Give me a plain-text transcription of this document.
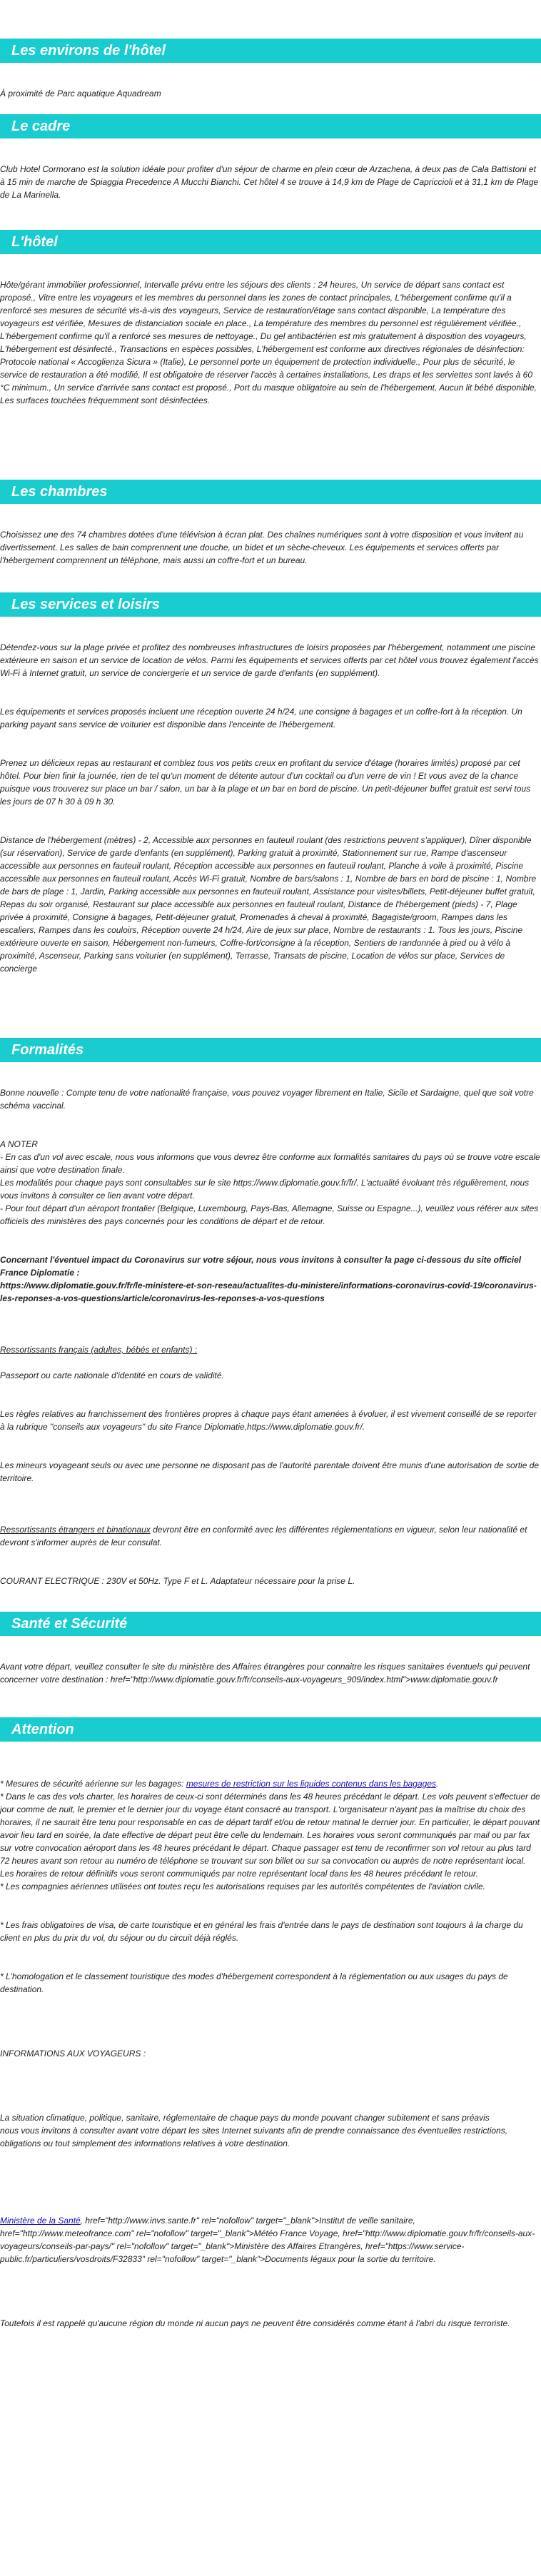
Les environs de l'hôtel

À proximité de Parc aquatique Aquadream

Le cadre

Club Hotel Cormorano est la solution idéale pour profiter d'un séjour de charme en plein cœur de Arzachena, à deux pas de Cala Battistoni et à 15 min de marche de Spiaggia Precedence A Mucchi Bianchi. Cet hôtel 4 se trouve à 14,9 km de Plage de Capriccioli et à 31,1 km de Plage de La Marinella.

L'hôtel

Hôte/gérant immobilier professionnel, Intervalle prévu entre les séjours des clients : 24 heures, Un service de départ sans contact est proposé., Vitre entre les voyageurs et les membres du personnel dans les zones de contact principales, L'hébergement confirme qu'il a renforcé ses mesures de sécurité vis-à-vis des voyageurs, Service de restauration/étage sans contact disponible, La température des voyageurs est vérifiée, Mesures de distanciation sociale en place., La température des membres du personnel est régulièrement vérifiée., L'hébergement confirme qu'il a renforcé ses mesures de nettoyage., Du gel antibactérien est mis gratuitement à disposition des voyageurs, L'hébergement est désinfecté., Transactions en espèces possibles, L'hébergement est conforme aux directives régionales de désinfection: Protocole national « Accoglienza Sicura » (Italie), Le personnel porte un équipement de protection individuelle., Pour plus de sécurité, le service de restauration a été modifié, Il est obligatoire de réserver l'accès à certaines installations, Les draps et les serviettes sont lavés à 60 °C minimum., Un service d'arrivée sans contact est proposé., Port du masque obligatoire au sein de l'hébergement, Aucun lit bébé disponible, Les surfaces touchées fréquemment sont désinfectées.

Les chambres

Choisissez une des 74 chambres dotées d'une télévision à écran plat. Des chaînes numériques sont à votre disposition et vous invitent au divertissement. Les salles de bain comprennent une douche, un bidet et un sèche-cheveux. Les équipements et services offerts par l'hébergement comprennent un téléphone, mais aussi un coffre-fort et un bureau.

Les services et loisirs

Détendez-vous sur la plage privée et profitez des nombreuses infrastructures de loisirs proposées par l'hébergement, notamment une piscine extérieure en saison et un service de location de vélos. Parmi les équipements et services offerts par cet hôtel vous trouvez également l'accès Wi-Fi à Internet gratuit, un service de conciergerie et un service de garde d'enfants (en supplément).

Les équipements et services proposés incluent une réception ouverte 24 h/24, une consigne à bagages et un coffre-fort à la réception. Un parking payant sans service de voiturier est disponible dans l'enceinte de l'hébergement.

Prenez un délicieux repas au restaurant et comblez tous vos petits creux en profitant du service d'étage (horaires limités) proposé par cet hôtel. Pour bien finir la journée, rien de tel qu'un moment de détente autour d'un cocktail ou d'un verre de vin ! Et vous avez de la chance puisque vous trouverez sur place un bar / salon, un bar à la plage et un bar en bord de piscine. Un petit-déjeuner buffet gratuit est servi tous les jours de 07 h 30 à 09 h 30.

Distance de l'hébergement (mètres) - 2, Accessible aux personnes en fauteuil roulant (des restrictions peuvent s'appliquer), Dîner disponible (sur réservation), Service de garde d'enfants (en supplément), Parking gratuit à proximité, Stationnement sur rue, Rampe d'ascenseur accessible aux personnes en fauteuil roulant, Réception accessible aux personnes en fauteuil roulant, Planche à voile à proximité, Piscine accessible aux personnes en fauteuil roulant, Accès Wi-Fi gratuit, Nombre de bars/salons : 1, Nombre de bars en bord de piscine : 1, Nombre de bars de plage : 1, Jardin, Parking accessible aux personnes en fauteuil roulant, Assistance pour visites/billets, Petit-déjeuner buffet gratuit, Repas du soir organisé, Restaurant sur place accessible aux personnes en fauteuil roulant, Distance de l'hébergement (pieds) - 7, Plage privée à proximité, Consigne à bagages, Petit-déjeuner gratuit, Promenades à cheval à proximité, Bagagiste/groom, Rampes dans les escaliers, Rampes dans les couloirs, Réception ouverte 24 h/24, Aire de jeux sur place, Nombre de restaurants : 1. Tous les jours, Piscine extérieure ouverte en saison, Hébergement non-fumeurs, Coffre-fort/consigne à la réception, Sentiers de randonnée à pied ou à vélo à proximité, Ascenseur, Parking sans voiturier (en supplément), Terrasse, Transats de piscine, Location de vélos sur place, Services de concierge

Formalités

Bonne nouvelle : Compte tenu de votre nationalité française, vous pouvez voyager librement en Italie, Sicile et Sardaigne, quel que soit votre schéma vaccinal.

A NOTER
- En cas d'un vol avec escale, nous vous informons que vous devrez être conforme aux formalités sanitaires du pays où se trouve votre escale ainsi que votre destination finale.
Les modalités pour chaque pays sont consultables sur le site https://www.diplomatie.gouv.fr/fr/. L'actualité évoluant très régulièrement, nous vous invitons à consulter ce lien avant votre départ.
- Pour tout départ d'un aéroport frontalier (Belgique, Luxembourg, Pays-Bas, Allemagne, Suisse ou Espagne...), veuillez vous référer aux sites officiels des ministères des pays concernés pour les conditions de départ et de retour.

Concernant l'éventuel impact du Coronavirus sur votre séjour, nous vous invitons à consulter la page ci-dessous du site officiel France Diplomatie :
https://www.diplomatie.gouv.fr/fr/le-ministere-et-son-reseau/actualites-du-ministere/informations-coronavirus-covid-19/coronavirus-les-reponses-a-vos-questions/article/coronavirus-les-reponses-a-vos-questions

Ressortissants français (adultes, bébés et enfants) :

Passeport ou carte nationale d'identité en cours de validité.

Les règles relatives au franchissement des frontières propres à chaque pays étant amenées à évoluer, il est vivement conseillé de se reporter à la rubrique "conseils aux voyageurs" du site France Diplomatie,https://www.diplomatie.gouv.fr/.

Les mineurs voyageant seuls ou avec une personne ne disposant pas de l'autorité parentale doivent être munis d'une autorisation de sortie de territoire.

Ressortissants étrangers et binationaux devront être en conformité avec les différentes réglementations en vigueur, selon leur nationalité et devront s'informer auprès de leur consulat.

COURANT ELECTRIQUE : 230V et 50Hz. Type F et L. Adaptateur nécessaire pour la prise L.

Santé et Sécurité

Avant votre départ, veuillez consulter le site du ministère des Affaires étrangères pour connaitre les risques sanitaires éventuels qui peuvent concerner votre destination : href="http://www.diplomatie.gouv.fr/fr/conseils-aux-voyageurs_909/index.html">www.diplomatie.gouv.fr

Attention

* Mesures de sécurité aérienne sur les bagages: mesures de restriction sur les liquides contenus dans les bagages.
* Dans le cas des vols charter, les horaires de ceux-ci sont déterminés dans les 48 heures précédant le départ. Les vols peuvent s'effectuer de jour comme de nuit, le premier et le dernier jour du voyage étant consacré au transport. L'organisateur n'ayant pas la maîtrise du choix des horaires, il ne saurait être tenu pour responsable en cas de départ tardif et/ou de retour matinal le dernier jour. En particulier, le départ pouvant avoir lieu tard en soirée, la date effective de départ peut être celle du lendemain. Les horaires vous seront communiqués par mail ou par fax sur votre convocation aéroport dans les 48 heures précédant le départ. Chaque passager est tenu de reconfirmer son vol retour au plus tard 72 heures avant son retour au numéro de téléphone se trouvant sur son billet ou sur sa convocation ou auprès de notre représentant local. Les horaires de retour définitifs vous seront communiqués par notre représentant local dans les 48 heures précédant le retour.
* Les compagnies aériennes utilisées ont toutes reçu les autorisations requises par les autorités compétentes de l'aviation civile.

* Les frais obligatoires de visa, de carte touristique et en général les frais d'entrée dans le pays de destination sont toujours à la charge du client en plus du prix du vol, du séjour ou du circuit déjà réglés.

* L'homologation et le classement touristique des modes d'hébergement correspondent à la réglementation ou aux usages du pays de destination.

INFORMATIONS AUX VOYAGEURS :

La situation climatique, politique, sanitaire, réglementaire de chaque pays du monde pouvant changer subitement et sans préavis
nous vous invitons à consulter avant votre départ les sites Internet suivants afin de prendre connaissance des éventuelles restrictions, obligations ou tout simplement des informations relatives à votre destination.

Ministère de la Santé, href="http://www.invs.sante.fr" rel="nofollow" target="_blank">Institut de veille sanitaire, href="http://www.meteofrance.com" rel="nofollow" target="_blank">Météo France Voyage, href="http://www.diplomatie.gouv.fr/fr/conseils-aux-voyageurs/conseils-par-pays/" rel="nofollow" target="_blank">Ministère des Affaires Etrangères, href="https://www.service-public.fr/particuliers/vosdroits/F32833" rel="nofollow" target="_blank">Documents légaux pour la sortie du territoire.

Toutefois il est rappelé qu'aucune région du monde ni aucun pays ne peuvent être considérés comme étant à l'abri du risque terroriste.
